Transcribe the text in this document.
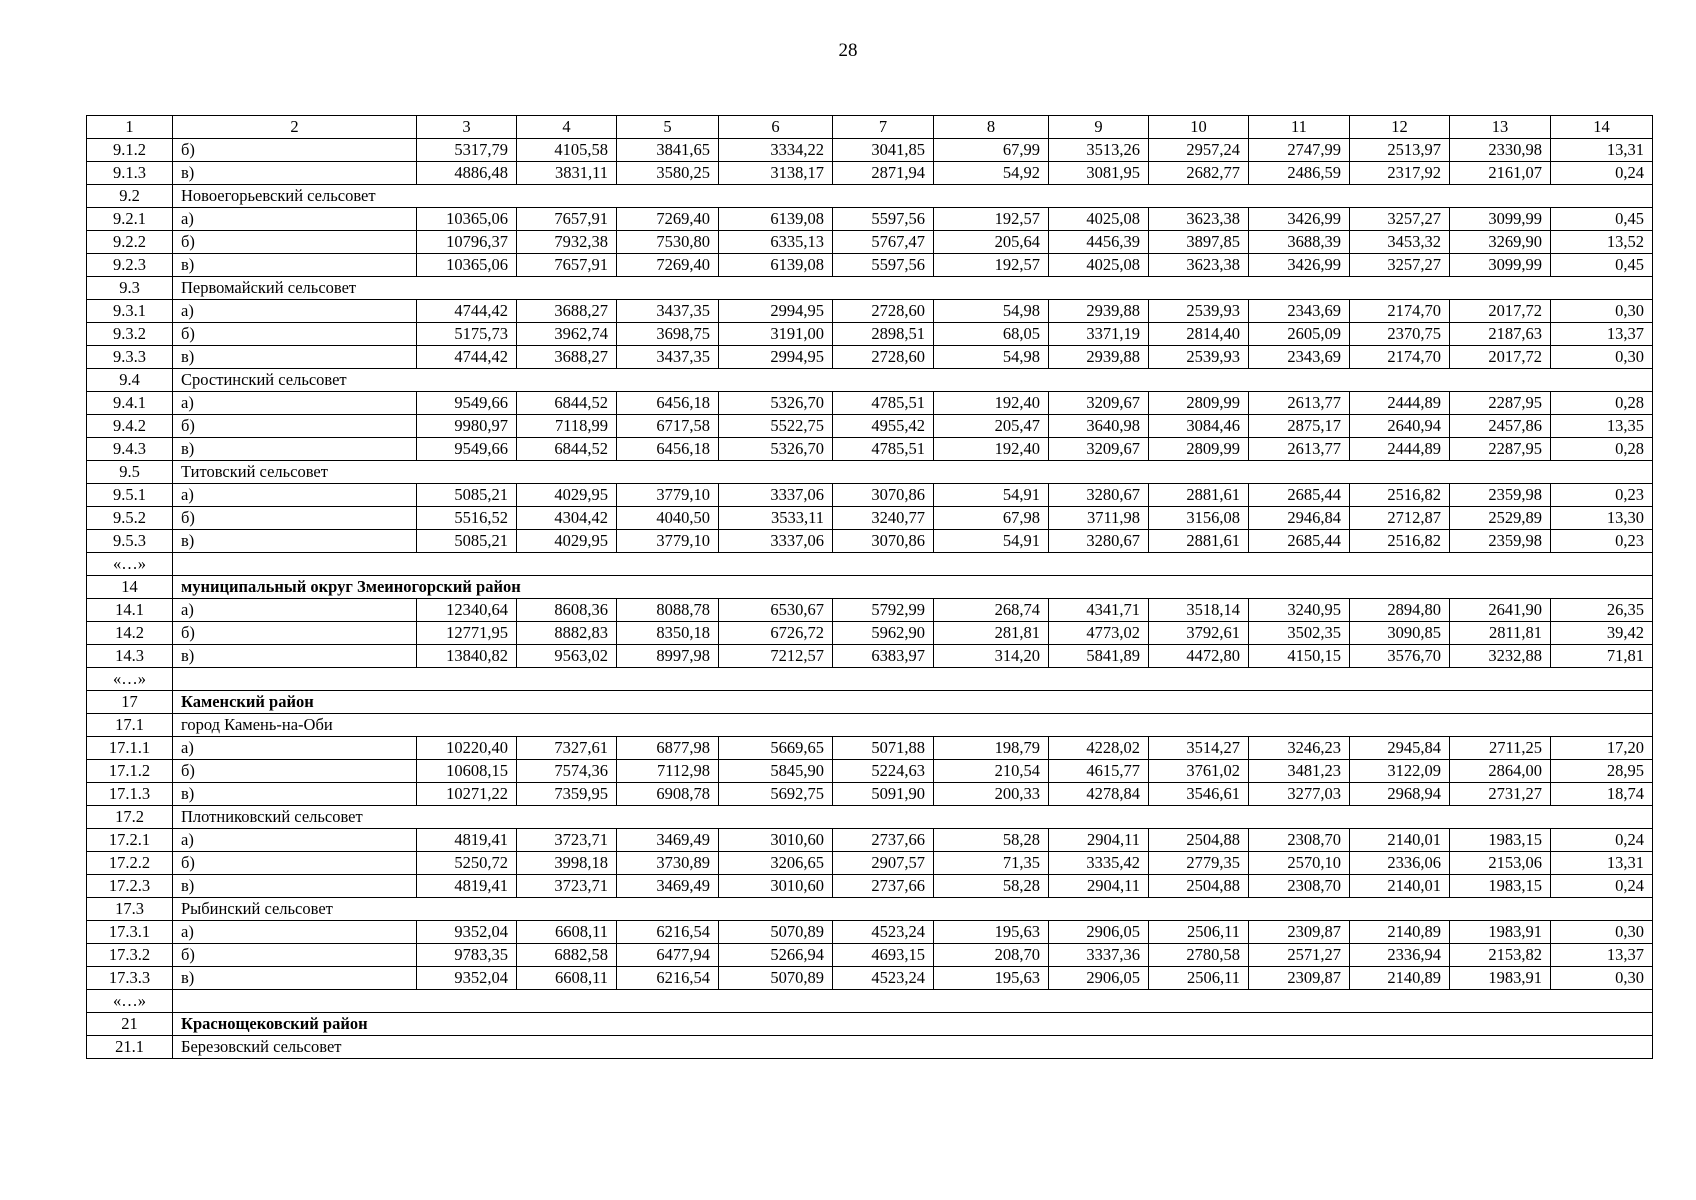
28
1	2	3	4	5	6	7	8	9	10	11	12	13	14
9.1.2	б)	5317,79	4105,58	3841,65	3334,22	3041,85	67,99	3513,26	2957,24	2747,99	2513,97	2330,98	13,31
9.1.3	в)	4886,48	3831,11	3580,25	3138,17	2871,94	54,92	3081,95	2682,77	2486,59	2317,92	2161,07	0,24
9.2	Новоегорьевский сельсовет												
9.2.1	а)	10365,06	7657,91	7269,40	6139,08	5597,56	192,57	4025,08	3623,38	3426,99	3257,27	3099,99	0,45
9.2.2	б)	10796,37	7932,38	7530,80	6335,13	5767,47	205,64	4456,39	3897,85	3688,39	3453,32	3269,90	13,52
9.2.3	в)	10365,06	7657,91	7269,40	6139,08	5597,56	192,57	4025,08	3623,38	3426,99	3257,27	3099,99	0,45
9.3	Первомайский сельсовет												
9.3.1	а)	4744,42	3688,27	3437,35	2994,95	2728,60	54,98	2939,88	2539,93	2343,69	2174,70	2017,72	0,30
9.3.2	б)	5175,73	3962,74	3698,75	3191,00	2898,51	68,05	3371,19	2814,40	2605,09	2370,75	2187,63	13,37
9.3.3	в)	4744,42	3688,27	3437,35	2994,95	2728,60	54,98	2939,88	2539,93	2343,69	2174,70	2017,72	0,30
9.4	Сростинский сельсовет												
9.4.1	а)	9549,66	6844,52	6456,18	5326,70	4785,51	192,40	3209,67	2809,99	2613,77	2444,89	2287,95	0,28
9.4.2	б)	9980,97	7118,99	6717,58	5522,75	4955,42	205,47	3640,98	3084,46	2875,17	2640,94	2457,86	13,35
9.4.3	в)	9549,66	6844,52	6456,18	5326,70	4785,51	192,40	3209,67	2809,99	2613,77	2444,89	2287,95	0,28
9.5	Титовский сельсовет												
9.5.1	а)	5085,21	4029,95	3779,10	3337,06	3070,86	54,91	3280,67	2881,61	2685,44	2516,82	2359,98	0,23
9.5.2	б)	5516,52	4304,42	4040,50	3533,11	3240,77	67,98	3711,98	3156,08	2946,84	2712,87	2529,89	13,30
9.5.3	в)	5085,21	4029,95	3779,10	3337,06	3070,86	54,91	3280,67	2881,61	2685,44	2516,82	2359,98	0,23
«…»													
14	муниципальный округ Змеиногорский район												
14.1	а)	12340,64	8608,36	8088,78	6530,67	5792,99	268,74	4341,71	3518,14	3240,95	2894,80	2641,90	26,35
14.2	б)	12771,95	8882,83	8350,18	6726,72	5962,90	281,81	4773,02	3792,61	3502,35	3090,85	2811,81	39,42
14.3	в)	13840,82	9563,02	8997,98	7212,57	6383,97	314,20	5841,89	4472,80	4150,15	3576,70	3232,88	71,81
«…»													
17	Каменский район												
17.1	город Камень-на-Оби												
17.1.1	а)	10220,40	7327,61	6877,98	5669,65	5071,88	198,79	4228,02	3514,27	3246,23	2945,84	2711,25	17,20
17.1.2	б)	10608,15	7574,36	7112,98	5845,90	5224,63	210,54	4615,77	3761,02	3481,23	3122,09	2864,00	28,95
17.1.3	в)	10271,22	7359,95	6908,78	5692,75	5091,90	200,33	4278,84	3546,61	3277,03	2968,94	2731,27	18,74
17.2	Плотниковский сельсовет												
17.2.1	а)	4819,41	3723,71	3469,49	3010,60	2737,66	58,28	2904,11	2504,88	2308,70	2140,01	1983,15	0,24
17.2.2	б)	5250,72	3998,18	3730,89	3206,65	2907,57	71,35	3335,42	2779,35	2570,10	2336,06	2153,06	13,31
17.2.3	в)	4819,41	3723,71	3469,49	3010,60	2737,66	58,28	2904,11	2504,88	2308,70	2140,01	1983,15	0,24
17.3	Рыбинский сельсовет												
17.3.1	а)	9352,04	6608,11	6216,54	5070,89	4523,24	195,63	2906,05	2506,11	2309,87	2140,89	1983,91	0,30
17.3.2	б)	9783,35	6882,58	6477,94	5266,94	4693,15	208,70	3337,36	2780,58	2571,27	2336,94	2153,82	13,37
17.3.3	в)	9352,04	6608,11	6216,54	5070,89	4523,24	195,63	2906,05	2506,11	2309,87	2140,89	1983,91	0,30
«…»													
21	Краснощековский район												
21.1	Березовский сельсовет												
